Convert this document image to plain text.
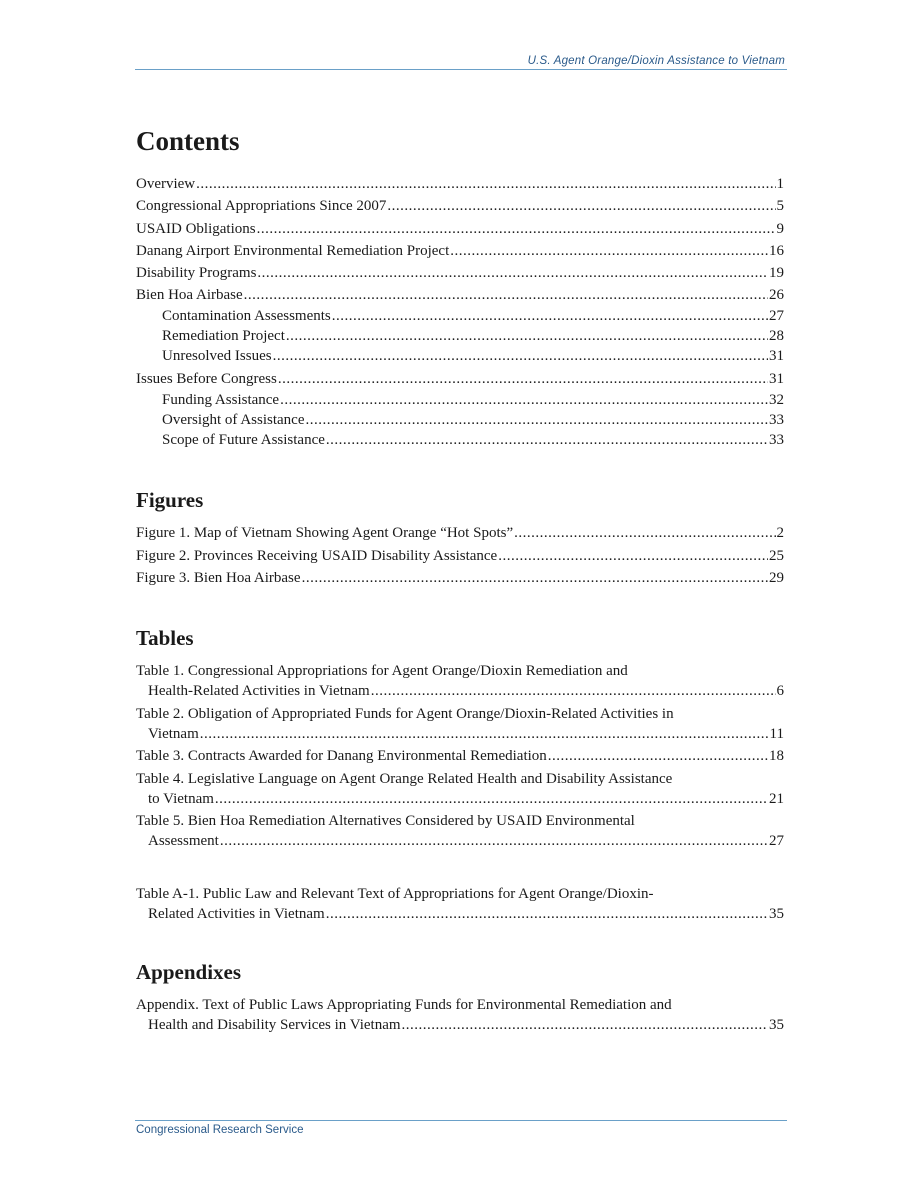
U.S. Agent Orange/Dioxin Assistance to Vietnam
Contents
Overview .....	1
Congressional Appropriations Since 2007 .....	5
USAID Obligations .....	9
Danang Airport Environmental Remediation Project .....	16
Disability Programs .....	19
Bien Hoa Airbase .....	26
Contamination Assessments .....	27
Remediation Project .....	28
Unresolved Issues .....	31
Issues Before Congress .....	31
Funding Assistance .....	32
Oversight of Assistance .....	33
Scope of Future Assistance .....	33
Figures
Figure 1. Map of Vietnam Showing Agent Orange “Hot Spots” .....	2
Figure 2. Provinces Receiving USAID Disability Assistance .....	25
Figure 3. Bien Hoa Airbase .....	29
Tables
Table 1. Congressional Appropriations for Agent Orange/Dioxin Remediation and
Health-Related Activities in Vietnam .....	6
Table 2. Obligation of Appropriated Funds for Agent Orange/Dioxin-Related Activities in
Vietnam .....	11
Table 3. Contracts Awarded for Danang Environmental Remediation .....	18
Table 4. Legislative Language on Agent Orange Related Health and Disability Assistance
to Vietnam .....	21
Table 5. Bien Hoa Remediation Alternatives Considered by USAID Environmental
Assessment .....	27
Table A-1. Public Law and Relevant Text of Appropriations for Agent Orange/Dioxin-
Related Activities in Vietnam .....	35
Appendixes
Appendix. Text of Public Laws Appropriating Funds for Environmental Remediation and
Health and Disability Services in Vietnam .....	35
Congressional Research Service
